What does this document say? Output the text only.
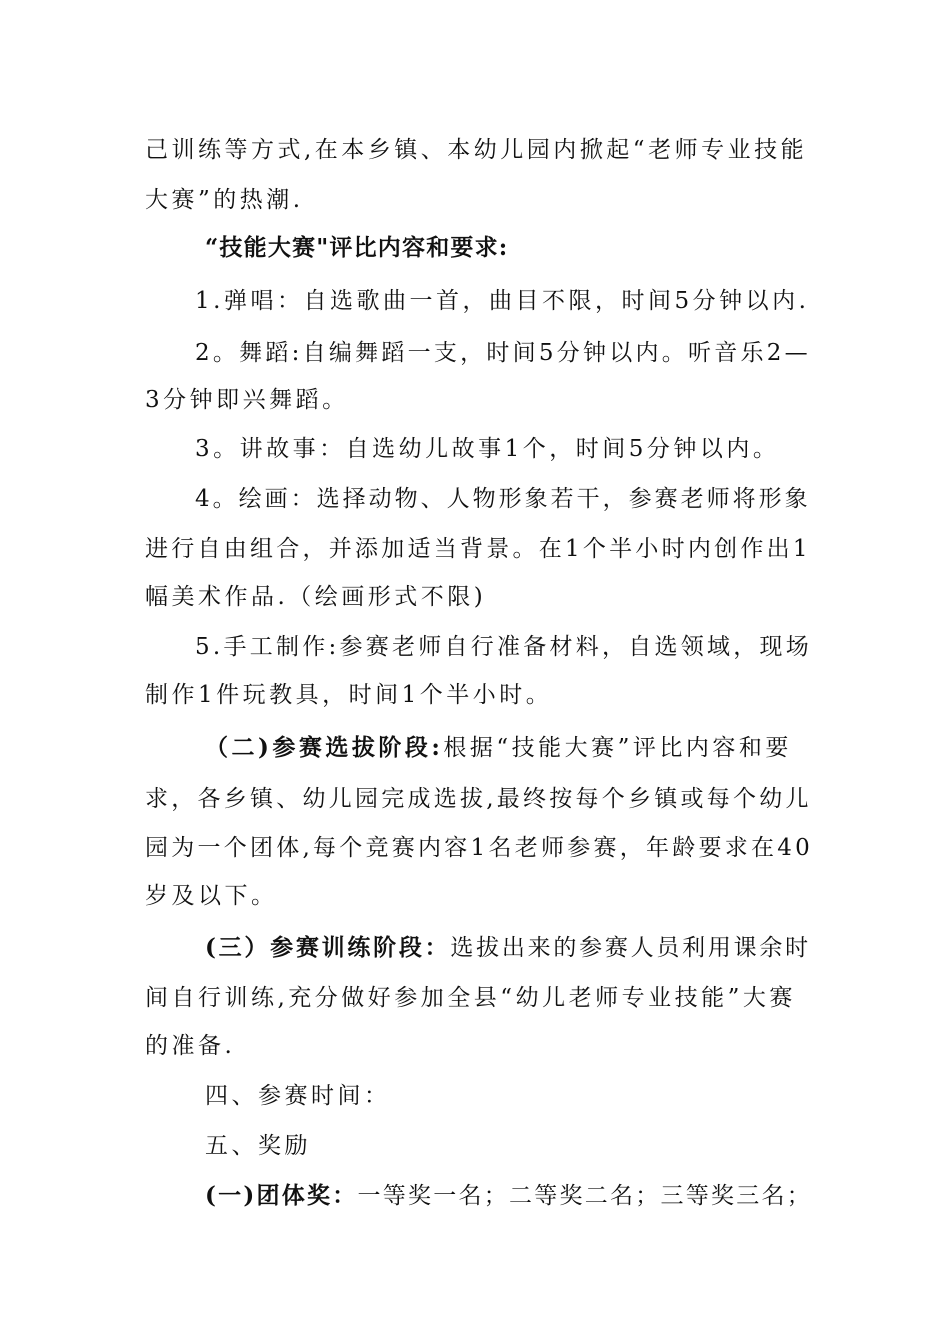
己训练等方式,在本乡镇、本幼儿园内掀起“老师专业技能
大赛”的热潮.
“技能大赛"评比内容和要求:
1.弹唱：自选歌曲一首，曲目不限，时间5分钟以内.
2。舞蹈:自编舞蹈一支，时间5分钟以内。听音乐2—
3分钟即兴舞蹈。
3。讲故事：自选幼儿故事1个，时间5分钟以内。
4。绘画：选择动物、人物形象若干，参赛老师将形象
进行自由组合，并添加适当背景。在1个半小时内创作出1
幅美术作品.（绘画形式不限)
5.手工制作:参赛老师自行准备材料，自选领域，现场
制作1件玩教具，时间1个半小时。
（二)参赛选拔阶段:根据“技能大赛”评比内容和要
求，各乡镇、幼儿园完成选拔,最终按每个乡镇或每个幼儿
园为一个团体,每个竞赛内容1名老师参赛，年龄要求在40
岁及以下。
(三）参赛训练阶段：选拔出来的参赛人员利用课余时
间自行训练,充分做好参加全县“幼儿老师专业技能”大赛
的准备.
四、参赛时间：
五、奖励
(一)团体奖：一等奖一名；二等奖二名；三等奖三名；
